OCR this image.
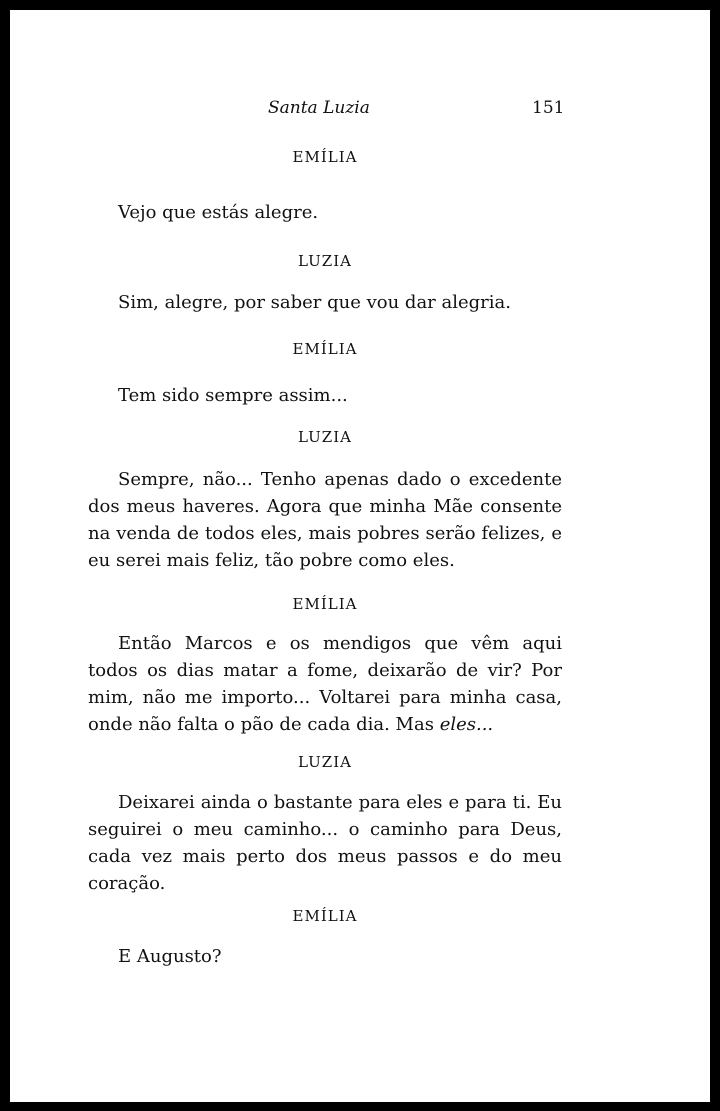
Santa Luzia	151
EMÍLIA

Vejo que estás alegre.

LUZIA

Sim, alegre, por saber que vou dar alegria.

EMÍLIA

Tem sido sempre assim...

LUZIA

Sempre, não... Tenho apenas dado o excedente dos meus haveres. Agora que minha Mãe consente na venda de todos eles, mais pobres serão felizes, e eu serei mais feliz, tão pobre como eles.

EMÍLIA

Então Marcos e os mendigos que vêm aqui todos os dias matar a fome, deixarão de vir? Por mim, não me importo... Voltarei para minha casa, onde não falta o pão de cada dia. Mas eles...

LUZIA

Deixarei ainda o bastante para eles e para ti. Eu seguirei o meu caminho... o caminho para Deus, cada vez mais perto dos meus passos e do meu coração.

EMÍLIA

E Augusto?
